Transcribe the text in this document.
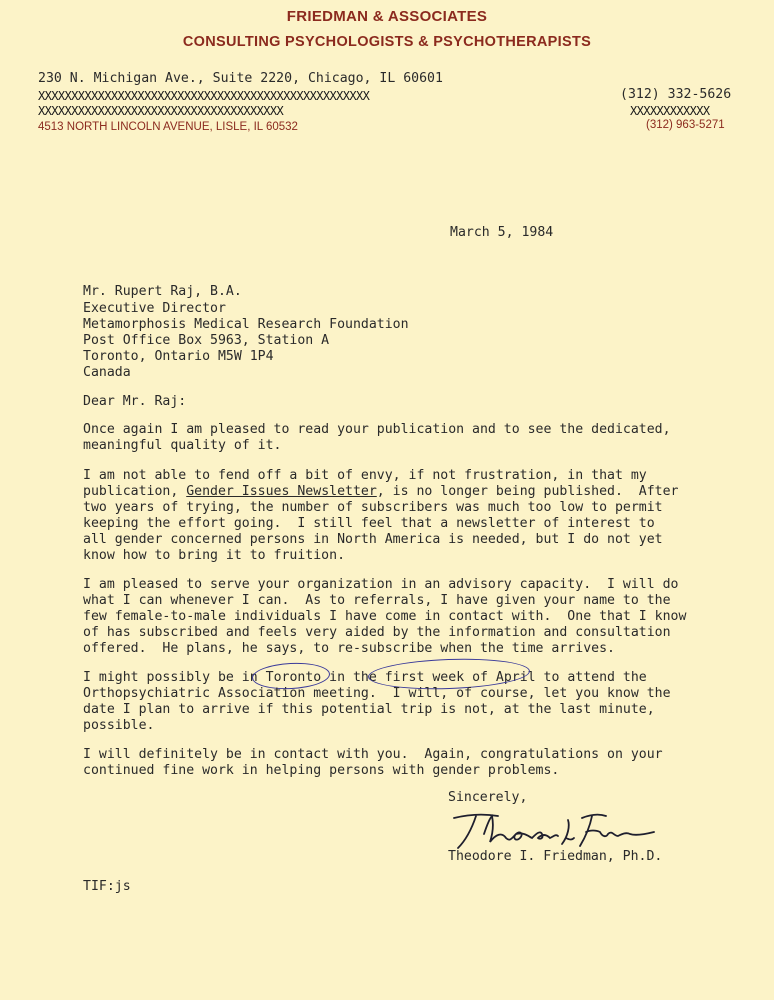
FRIEDMAN & ASSOCIATES
CONSULTING PSYCHOLOGISTS & PSYCHOTHERAPISTS
230 N. Michigan Ave., Suite 2220, Chicago, IL 60601
XXXXXXXXXXXXXXXXXXXXXXXXXXXXXXXXXXXXXXXXXXXXXXXXXX
XXXXXXXXXXXXXXXXXXXXXXXXXXXXXXXXXXXXX
4513 NORTH LINCOLN AVENUE, LISLE, IL 60532
(312) 332-5626
XXXXXXXXXXXX
(312) 963-5271
March 5, 1984
Mr. Rupert Raj, B.A.
Executive Director
Metamorphosis Medical Research Foundation
Post Office Box 5963, Station A
Toronto, Ontario M5W 1P4
Canada
Dear Mr. Raj:
Once again I am pleased to read your publication and to see the dedicated,
meaningful quality of it.
I am not able to fend off a bit of envy, if not frustration, in that my
publication, Gender Issues Newsletter, is no longer being published.  After
two years of trying, the number of subscribers was much too low to permit
keeping the effort going.  I still feel that a newsletter of interest to
all gender concerned persons in North America is needed, but I do not yet
know how to bring it to fruition.
I am pleased to serve your organization in an advisory capacity.  I will do
what I can whenever I can.  As to referrals, I have given your name to the
few female-to-male individuals I have come in contact with.  One that I know
of has subscribed and feels very aided by the information and consultation
offered.  He plans, he says, to re-subscribe when the time arrives.
I might possibly be in Toronto in the first week of April to attend the
Orthopsychiatric Association meeting.  I will, of course, let you know the
date I plan to arrive if this potential trip is not, at the last minute,
possible.
I will definitely be in contact with you.  Again, congratulations on your
continued fine work in helping persons with gender problems.
Sincerely,
Theodore I. Friedman, Ph.D.
TIF:js
